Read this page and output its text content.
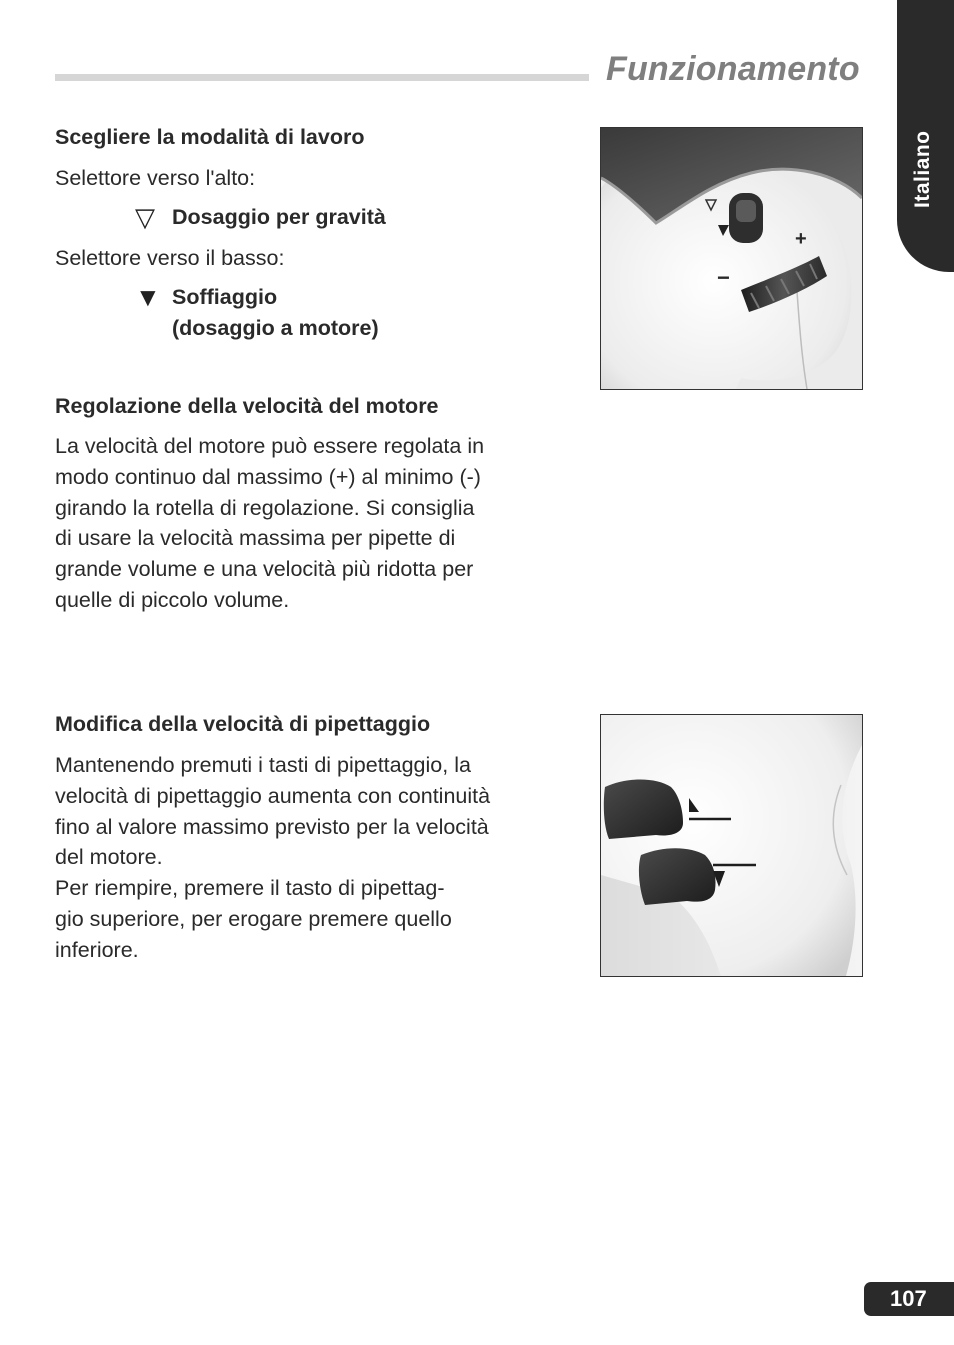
Funzionamento
Italiano
Scegliere la modalità di lavoro

Selettore verso l'alto:

▽ Dosaggio per gravità

Selettore verso il basso:

▼ Soffiaggio
(dosaggio a motore)
Regolazione della velocità del motore

La velocità del motore può essere regolata in

modo continuo dal massimo (+) al minimo (-)

girando la rotella di regolazione. Si consiglia

di usare la velocità massima per pipette di

grande volume e una velocità più ridotta per

quelle di piccolo volume.

Modifica della velocità di pipettaggio

Mantenendo premuti i tasti di pipettaggio, la

velocità di pipettaggio aumenta con continuità

fino al valore massimo previsto per la velocità

del motore.

Per riempire, premere il tasto di pipettag-

gio superiore, per erogare premere quello

inferiore.

+
−
107
